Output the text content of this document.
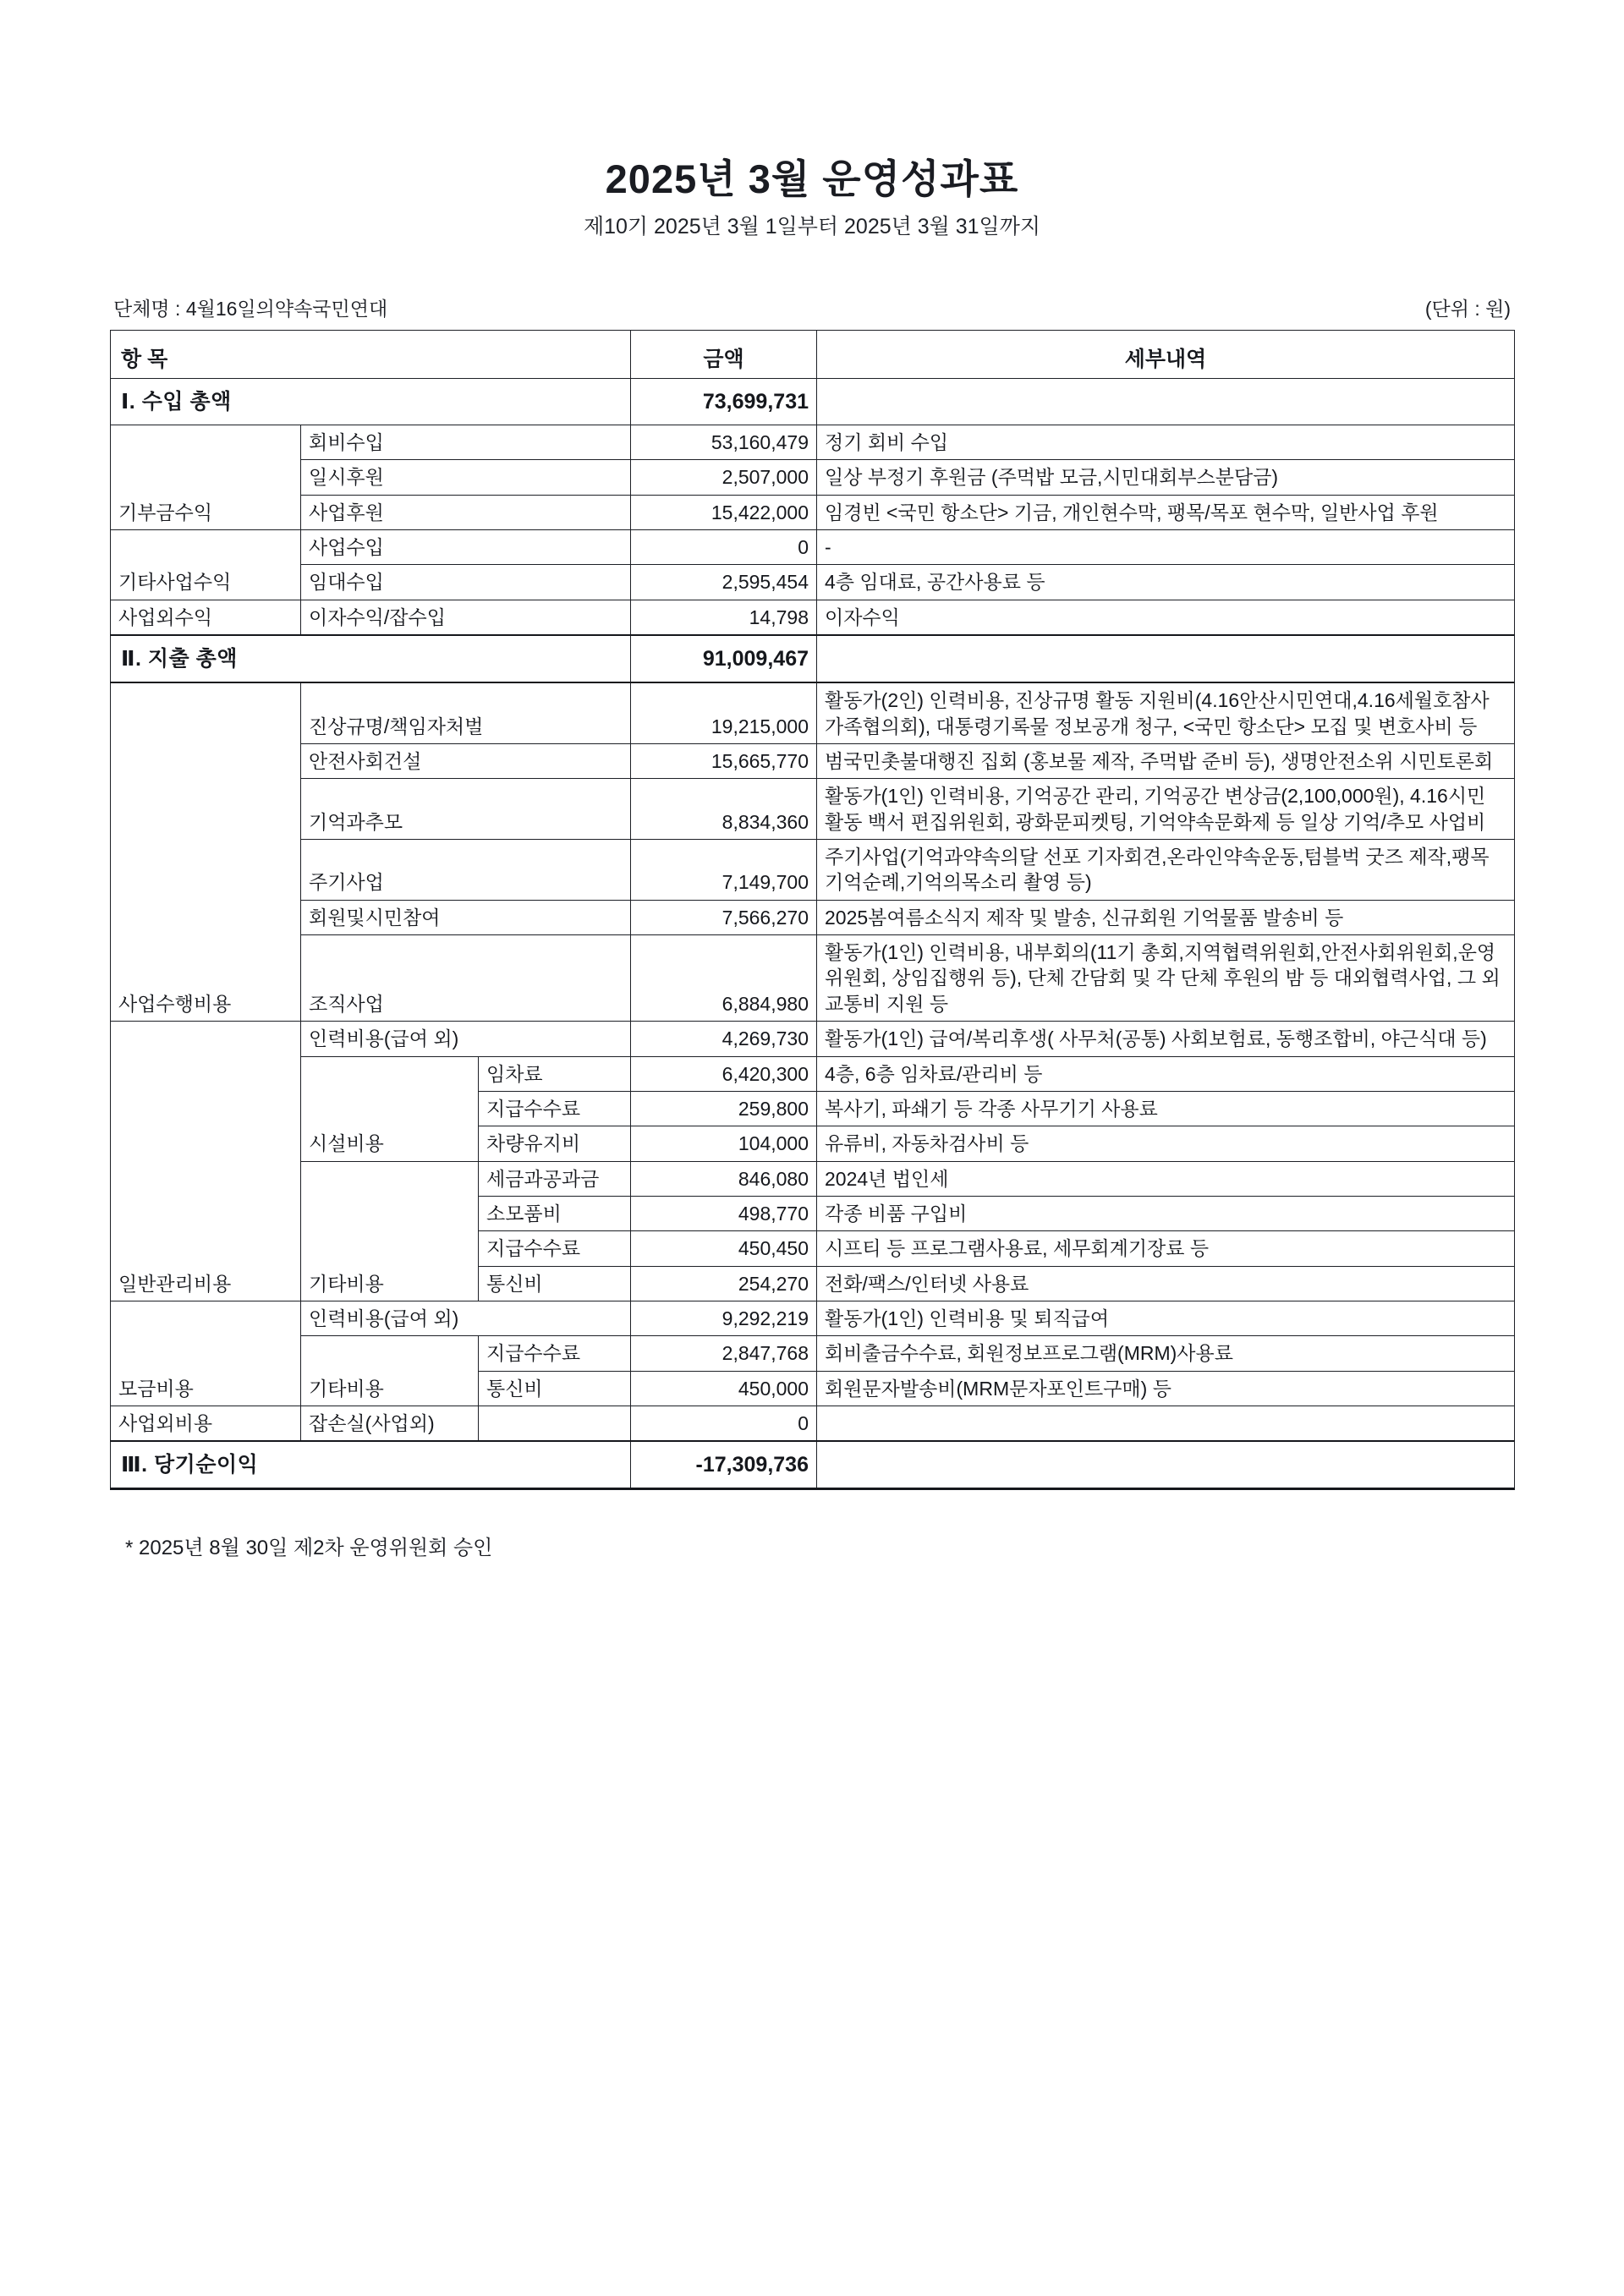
2025년 3월 운영성과표

제10기 2025년 3월 1일부터 2025년 3월 31일까지

단체명 : 4월16일의약속국민연대	(단위 : 원)
항 목			금액	세부내역
Ⅰ. 수입 총액			73,699,731	
기부금수익	회비수입		53,160,479	정기 회비 수입
	일시후원		2,507,000	일상 부정기 후원금 (주먹밥 모금,시민대회부스분담금)
	사업후원		15,422,000	임경빈 <국민 항소단> 기금, 개인현수막, 팽목/목포 현수막, 일반사업 후원
기타사업수익	사업수입		0	-
	임대수입		2,595,454	4층 임대료, 공간사용료 등
사업외수익	이자수익/잡수입		14,798	이자수익
Ⅱ. 지출 총액			91,009,467	
사업수행비용	진상규명/책임자처벌		19,215,000	활동가(2인) 인력비용, 진상규명 활동 지원비(4.16안산시민연대,4.16세월호참사가족협의회), 대통령기록물 정보공개 청구, <국민 항소단> 모집 및 변호사비 등
	안전사회건설		15,665,770	범국민촛불대행진 집회 (홍보물 제작, 주먹밥 준비 등), 생명안전소위 시민토론회
	기억과추모		8,834,360	활동가(1인) 인력비용, 기억공간 관리, 기억공간 변상금(2,100,000원), 4.16시민 활동 백서 편집위원회, 광화문피켓팅, 기억약속문화제 등 일상 기억/추모 사업비
	주기사업		7,149,700	주기사업(기억과약속의달 선포 기자회견,온라인약속운동,텀블벅 굿즈 제작,팽목기억순례,기억의목소리 촬영 등)
	회원및시민참여		7,566,270	2025봄여름소식지 제작 및 발송, 신규회원 기억물품 발송비 등
	조직사업		6,884,980	활동가(1인) 인력비용, 내부회의(11기 총회,지역협력위원회,안전사회위원회,운영위원회, 상임집행위 등), 단체 간담회 및 각 단체 후원의 밤 등 대외협력사업, 그 외 교통비 지원 등
일반관리비용	인력비용(급여 외)		4,269,730	활동가(1인) 급여/복리후생( 사무처(공통) 사회보험료, 동행조합비, 야근식대 등)
	시설비용	임차료	6,420,300	4층, 6층 임차료/관리비 등
		지급수수료	259,800	복사기, 파쇄기 등 각종 사무기기 사용료
		차량유지비	104,000	유류비, 자동차검사비 등
	기타비용	세금과공과금	846,080	2024년 법인세
		소모품비	498,770	각종 비품 구입비
		지급수수료	450,450	시프티 등 프로그램사용료, 세무회계기장료 등
		통신비	254,270	전화/팩스/인터넷 사용료
모금비용	인력비용(급여 외)		9,292,219	활동가(1인) 인력비용 및 퇴직급여
	기타비용	지급수수료	2,847,768	회비출금수수료, 회원정보프로그램(MRM)사용료
		통신비	450,000	회원문자발송비(MRM문자포인트구매) 등
사업외비용	잡손실(사업외)		0	
Ⅲ. 당기순이익			-17,309,736	
* 2025년 8월 30일 제2차 운영위원회 승인
